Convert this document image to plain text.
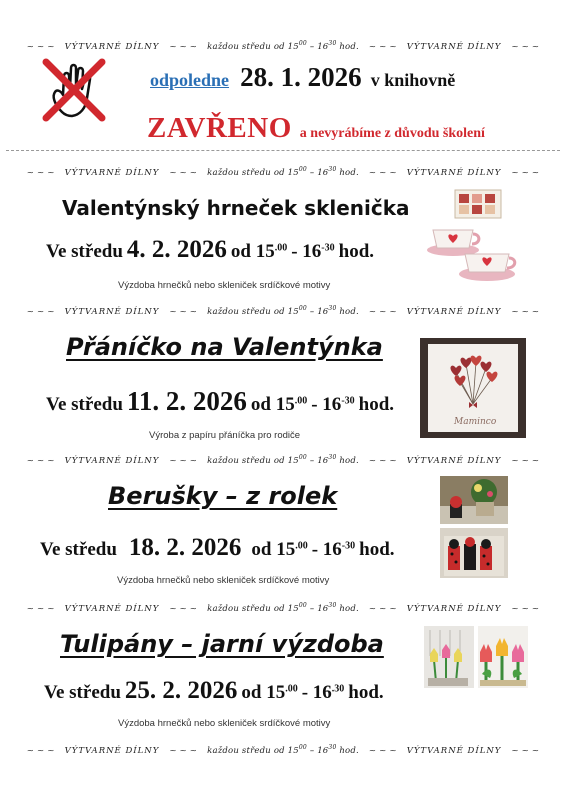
~ ~ ~ VÝTVARNÉ DÍLNY ~ ~ ~ každou středu od $15^{00} - 16^{30}$ hod. ~ ~ ~ VÝTVARNÉ DÍLNY ~ ~ ~
~ ~ ~ VÝTVARNÉ DÍLNY ~ ~ ~ každou středu od $15^{00} - 16^{30}$ hod. ~ ~ ~ VÝTVARNÉ DÍLNY ~ ~ ~
~ ~ ~ VÝTVARNÉ DÍLNY ~ ~ ~ každou středu od $15^{00} - 16^{30}$ hod. ~ ~ ~ VÝTVARNÉ DÍLNY ~ ~ ~
~ ~ ~ VÝTVARNÉ DÍLNY ~ ~ ~ každou středu od $15^{00} - 16^{30}$ hod. ~ ~ ~ VÝTVARNÉ DÍLNY ~ ~ ~
~ ~ ~ VÝTVARNÉ DÍLNY ~ ~ ~ každou středu od $15^{00} - 16^{30}$ hod. ~ ~ ~ VÝTVARNÉ DÍLNY ~ ~ ~
~ ~ ~ VÝTVARNÉ DÍLNY ~ ~ ~ každou středu od $15^{00} - 16^{30}$ hod. ~ ~ ~ VÝTVARNÉ DÍLNY ~ ~ ~
odpoledne 28. 1. 2026 v knihovně
ZAVŘENO a nevyrábíme z důvodu školení
Valentýnský hrneček sklenička
Ve středu 4. 2. 2026 od $15^{.00} - 16^{-30}$ hod.
Výzdoba hrnečků nebo skleniček srdíčkové motivy
Přáníčko na Valentýnka
Ve středu 11. 2. 2026 od $15^{.00} - 16^{-30}$ hod.
Výroba z papíru přáníčka pro rodiče
Maminco
Berušky – z rolek
Ve středu 18. 2. 2026 od $15^{.00} - 16^{-30}$ hod.
Výzdoba hrnečků nebo skleniček srdíčkové motivy
Tulipány – jarní výzdoba
Ve středu 25. 2. 2026 od $15^{.00} - 16^{.30}$ hod.
Výzdoba hrnečků nebo skleniček srdíčkové motivy
